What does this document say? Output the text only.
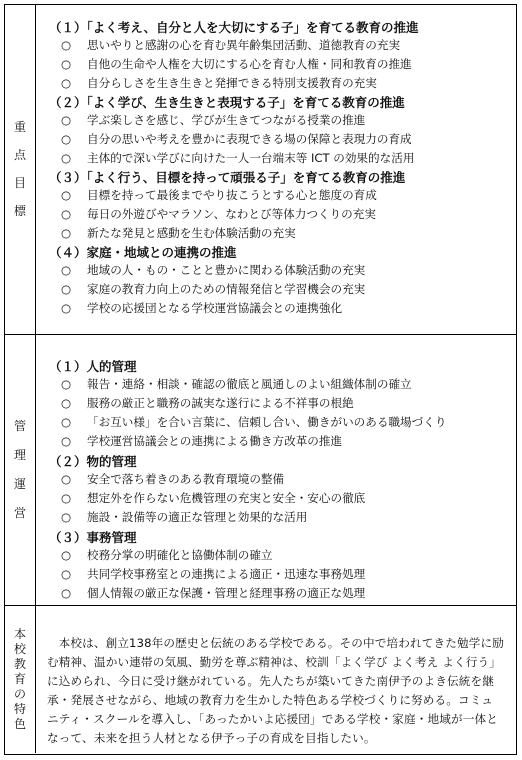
重
点
目
標
（１）「よく考え、自分と人を大切にする子」を育てる教育の推進
○ 思いやりと感謝の心を育む異年齢集団活動、道徳教育の充実
○ 自他の生命や人権を大切にする心を育む人権・同和教育の推進
○ 自分らしさを生き生きと発揮できる特別支援教育の充実
（２）「よく学び、生き生きと表現する子」を育てる教育の推進
○ 学ぶ楽しさを感じ、学びが生きてつながる授業の推進
○ 自分の思いや考えを豊かに表現できる場の保障と表現力の育成
○ 主体的で深い学びに向けた一人一台端末等 ICT の効果的な活用
（３）「よく行う、目標を持って頑張る子」を育てる教育の推進
○ 目標を持って最後までやり抜こうとする心と態度の育成
○ 毎日の外遊びやマラソン、なわとび等体力つくりの充実
○ 新たな発見と感動を生む体験活動の充実
（４）家庭・地域との連携の推進
○ 地域の人・もの・ことと豊かに関わる体験活動の充実
○ 家庭の教育力向上のための情報発信と学習機会の充実
○ 学校の応援団となる学校運営協議会との連携強化
管
理
運
営
（１）人的管理
○ 報告・連絡・相談・確認の徹底と風通しのよい組織体制の確立
○ 服務の厳正と職務の誠実な遂行による不祥事の根絶
○ 「お互い様」を合い言葉に、信頼し合い、働きがいのある職場づくり
○ 学校運営協議会との連携による働き方改革の推進
（２）物的管理
○ 安全で落ち着きのある教育環境の整備
○ 想定外を作らない危機管理の充実と安全・安心の徹底
○ 施設・設備等の適正な管理と効果的な活用
（３）事務管理
○ 校務分掌の明確化と協働体制の確立
○ 共同学校事務室との連携による適正・迅速な事務処理
○ 個人情報の厳正な保護・管理と経理事務の適正な処理
本
校
教
育
の
特
色
本校は、創立138年の歴史と伝統のある学校である。その中で培われてきた勉学に励む精神、温かい連帯の気風、勤労を尊ぶ精神は、校訓「よく学び よく考え よく行う」に込められ、今日に受け継がれている。先人たちが築いてきた南伊予のよき伝統を継承・発展させながら、地域の教育力を生かした特色ある学校づくりに努める。コミュニティ・スクールを導入し、「あったかいよ応援団」である学校・家庭・地域が一体となって、未来を担う人材となる伊予っ子の育成を目指したい。
